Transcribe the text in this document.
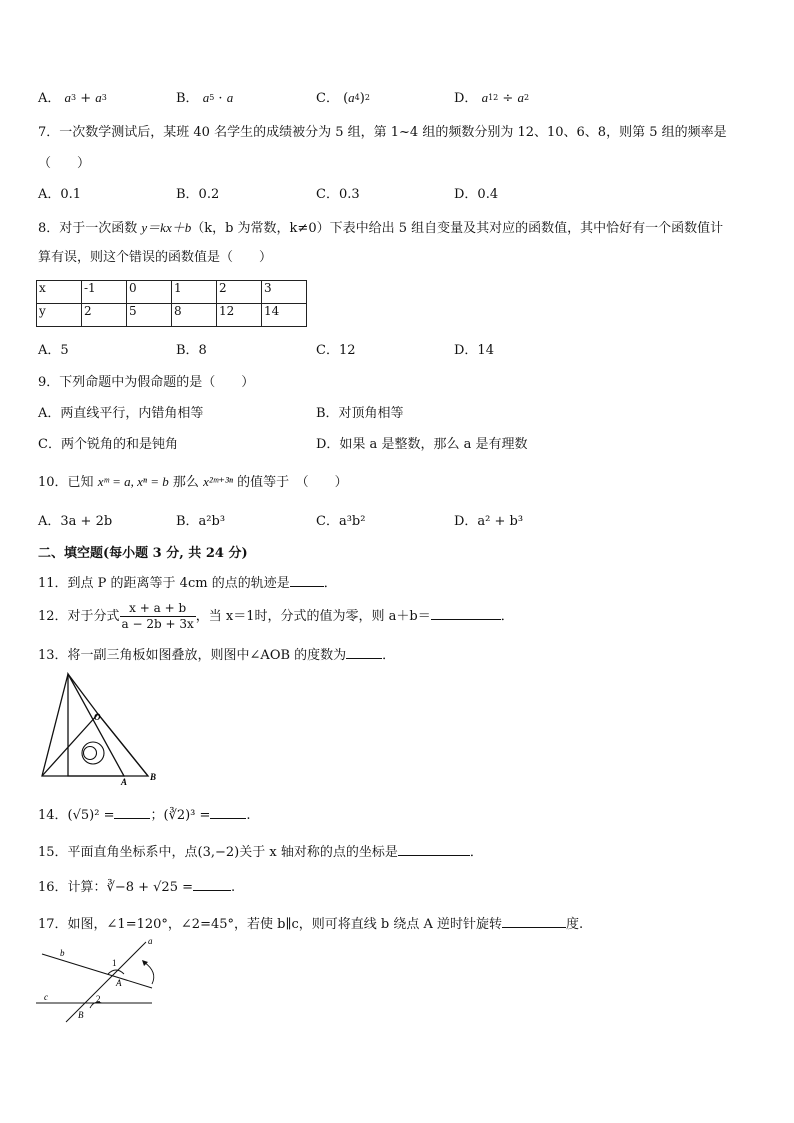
A． $a^3 + a^3$	B． $a^5 \cdot a$	C． $(a^4)^2$	D． $a^{12} \div a^2$
7．一次数学测试后，某班 40 名学生的成绩被分为 5 组，第 1~4 组的频数分别为 12、10、6、8，则第 5 组的频率是
（　　）
A．0.1	B．0.2	C．0.3	D．0.4
8．对于一次函数 y＝kx＋b（k，b 为常数，k≠0）下表中给出 5 组自变量及其对应的函数值，其中恰好有一个函数值计
算有误，则这个错误的函数值是（　　）
x	-1	0	1	2	3
y	2	5	8	12	14
A．5	B．8	C．12	D．14
9．下列命题中为假命题的是（　　）
A．两直线平行，内错角相等	B．对顶角相等
C．两个锐角的和是钝角	D．如果 a 是整数，那么 a 是有理数
10．已知 xᵐ = a, xⁿ = b 那么 x²ᵐ⁺³ⁿ 的值等于　（　　）
A．3a + 2b	B．a²b³	C．a³b²	D．a² + b³
二、填空题(每小题 3 分, 共 24 分)
11．到点 P 的距离等于 4cm 的点的轨迹是	．
12．对于分式 $\frac{x + a + b}{a - 2b + 3x}$ ，当 x＝1时，分式的值为零，则 a＋b＝	．
13．将一副三角板如图叠放，则图中∠AOB 的度数为	．
O
A	B
14．(√5)² =	；(∛2)³ =	.
15．平面直角坐标系中，点(3,−2)关于 x 轴对称的点的坐标是	．
16．计算：∛−8 + √25 =	.
17．如图，∠1=120°，∠2=45°，若使 b∥c，则可将直线 b 绕点 A 逆时针旋转	度.
a
b
c
1
A
2
B
